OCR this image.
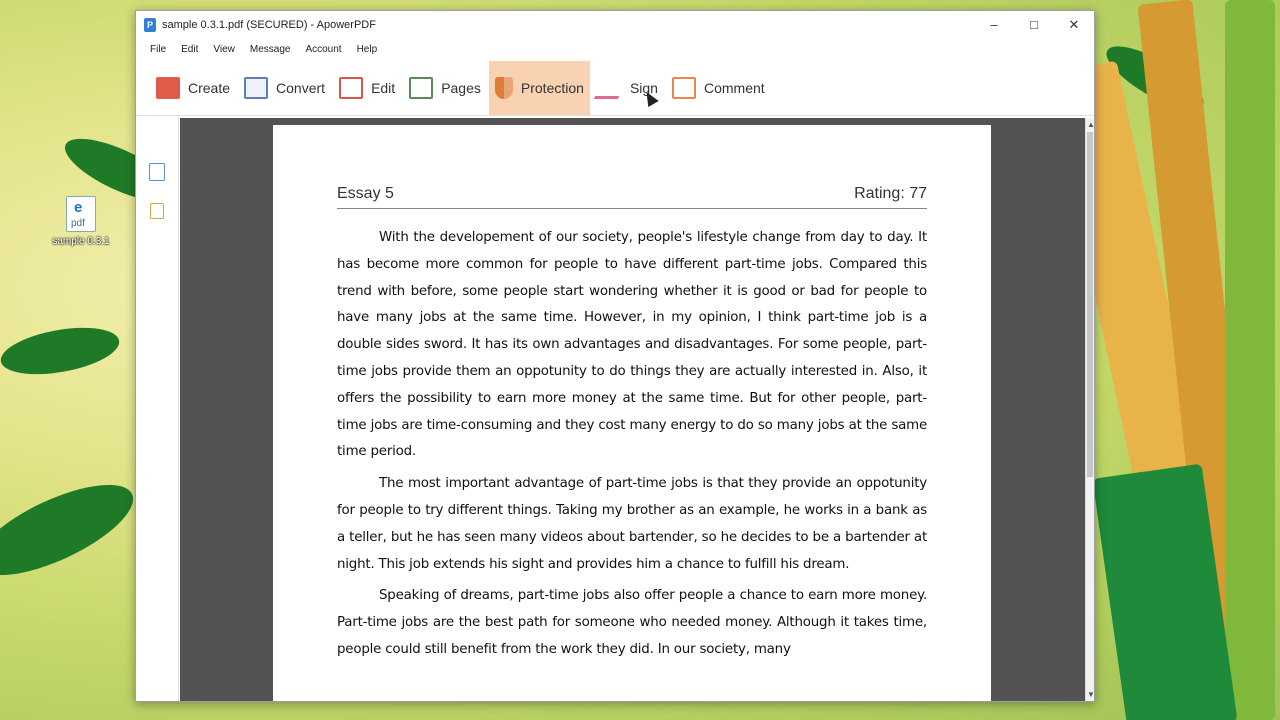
e
pdf
sample 0.3.1
P sample 0.3.1.pdf (SECURED) - ApowerPDF	–	□	✕
File Edit View Message Account Help
Create	Convert	Edit	Pages	Protection	Sign	Comment
Essay 5	Rating: 77

With the developement of our society, people's lifestyle change from day to day. It has become more common for people to have different part-time jobs. Compared this trend with before, some people start wondering whether it is good or bad for people to have many jobs at the same time. However, in my opinion, I think part-time job is a double sides sword. It has its own advantages and disadvantages. For some people, part-time jobs provide them an oppotunity to do things they are actually interested in. Also, it offers the possibility to earn more money at the same time. But for other people, part-time jobs are time-consuming and they cost many energy to do so many jobs at the same time period.

The most important advantage of part-time jobs is that they provide an oppotunity for people to try different things. Taking my brother as an example, he works in a bank as a teller, but he has seen many videos about bartender, so he decides to be a bartender at night. This job extends his sight and provides him a chance to fulfill his dream.

Speaking of dreams, part-time jobs also offer people a chance to earn more money. Part-time jobs are the best path for someone who needed money. Although it takes time, people could still benefit from the work they did. In our society, many

▲
▼
